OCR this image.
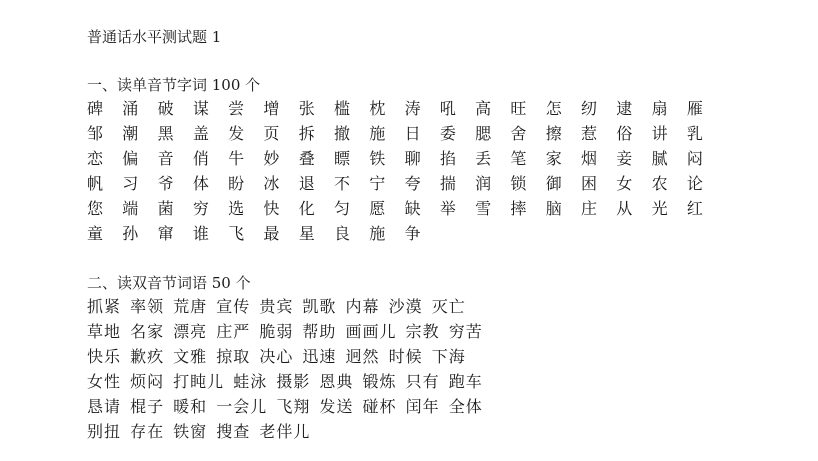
普通话水平测试题 1

一、读单音节字词 100 个

碑 涌 破 谋 尝 增 张 槛 枕 涛 吼 高 旺 怎 纫 逮 扇 雁

邹 潮 黑 盖 发 页 拆 撤 施 日 委 腮 舍 擦 惹 俗 讲 乳

恋 偏 音 俏 牛 妙 叠 瞟 铁 聊 掐 丢 笔 家 烟 妾 腻 闷

帆 习 爷 体 盼 冰 退 不 宁 夸 揣 润 锁 御 困 女 农 论

您 端 菌 穷 选 快 化 匀 愿 缺 举 雪 摔 脑 庄 从 光 红

童 孙 窜 谁 飞 最 星 良 施 争

二、读双音节词语 50 个

抓紧 率领 荒唐 宣传 贵宾 凯歌 内幕 沙漠 灭亡

草地 名家 漂亮 庄严 脆弱 帮助 画画儿 宗教 穷苦

快乐 歉疚 文雅 掠取 决心 迅速 迥然 时候 下海

女性 烦闷 打盹儿 蛙泳 摄影 恩典 锻炼 只有 跑车

恳请 棍子 暖和 一会儿 飞翔 发送 碰杯 闰年 全体

别扭 存在 铁窗 搜查 老伴儿
